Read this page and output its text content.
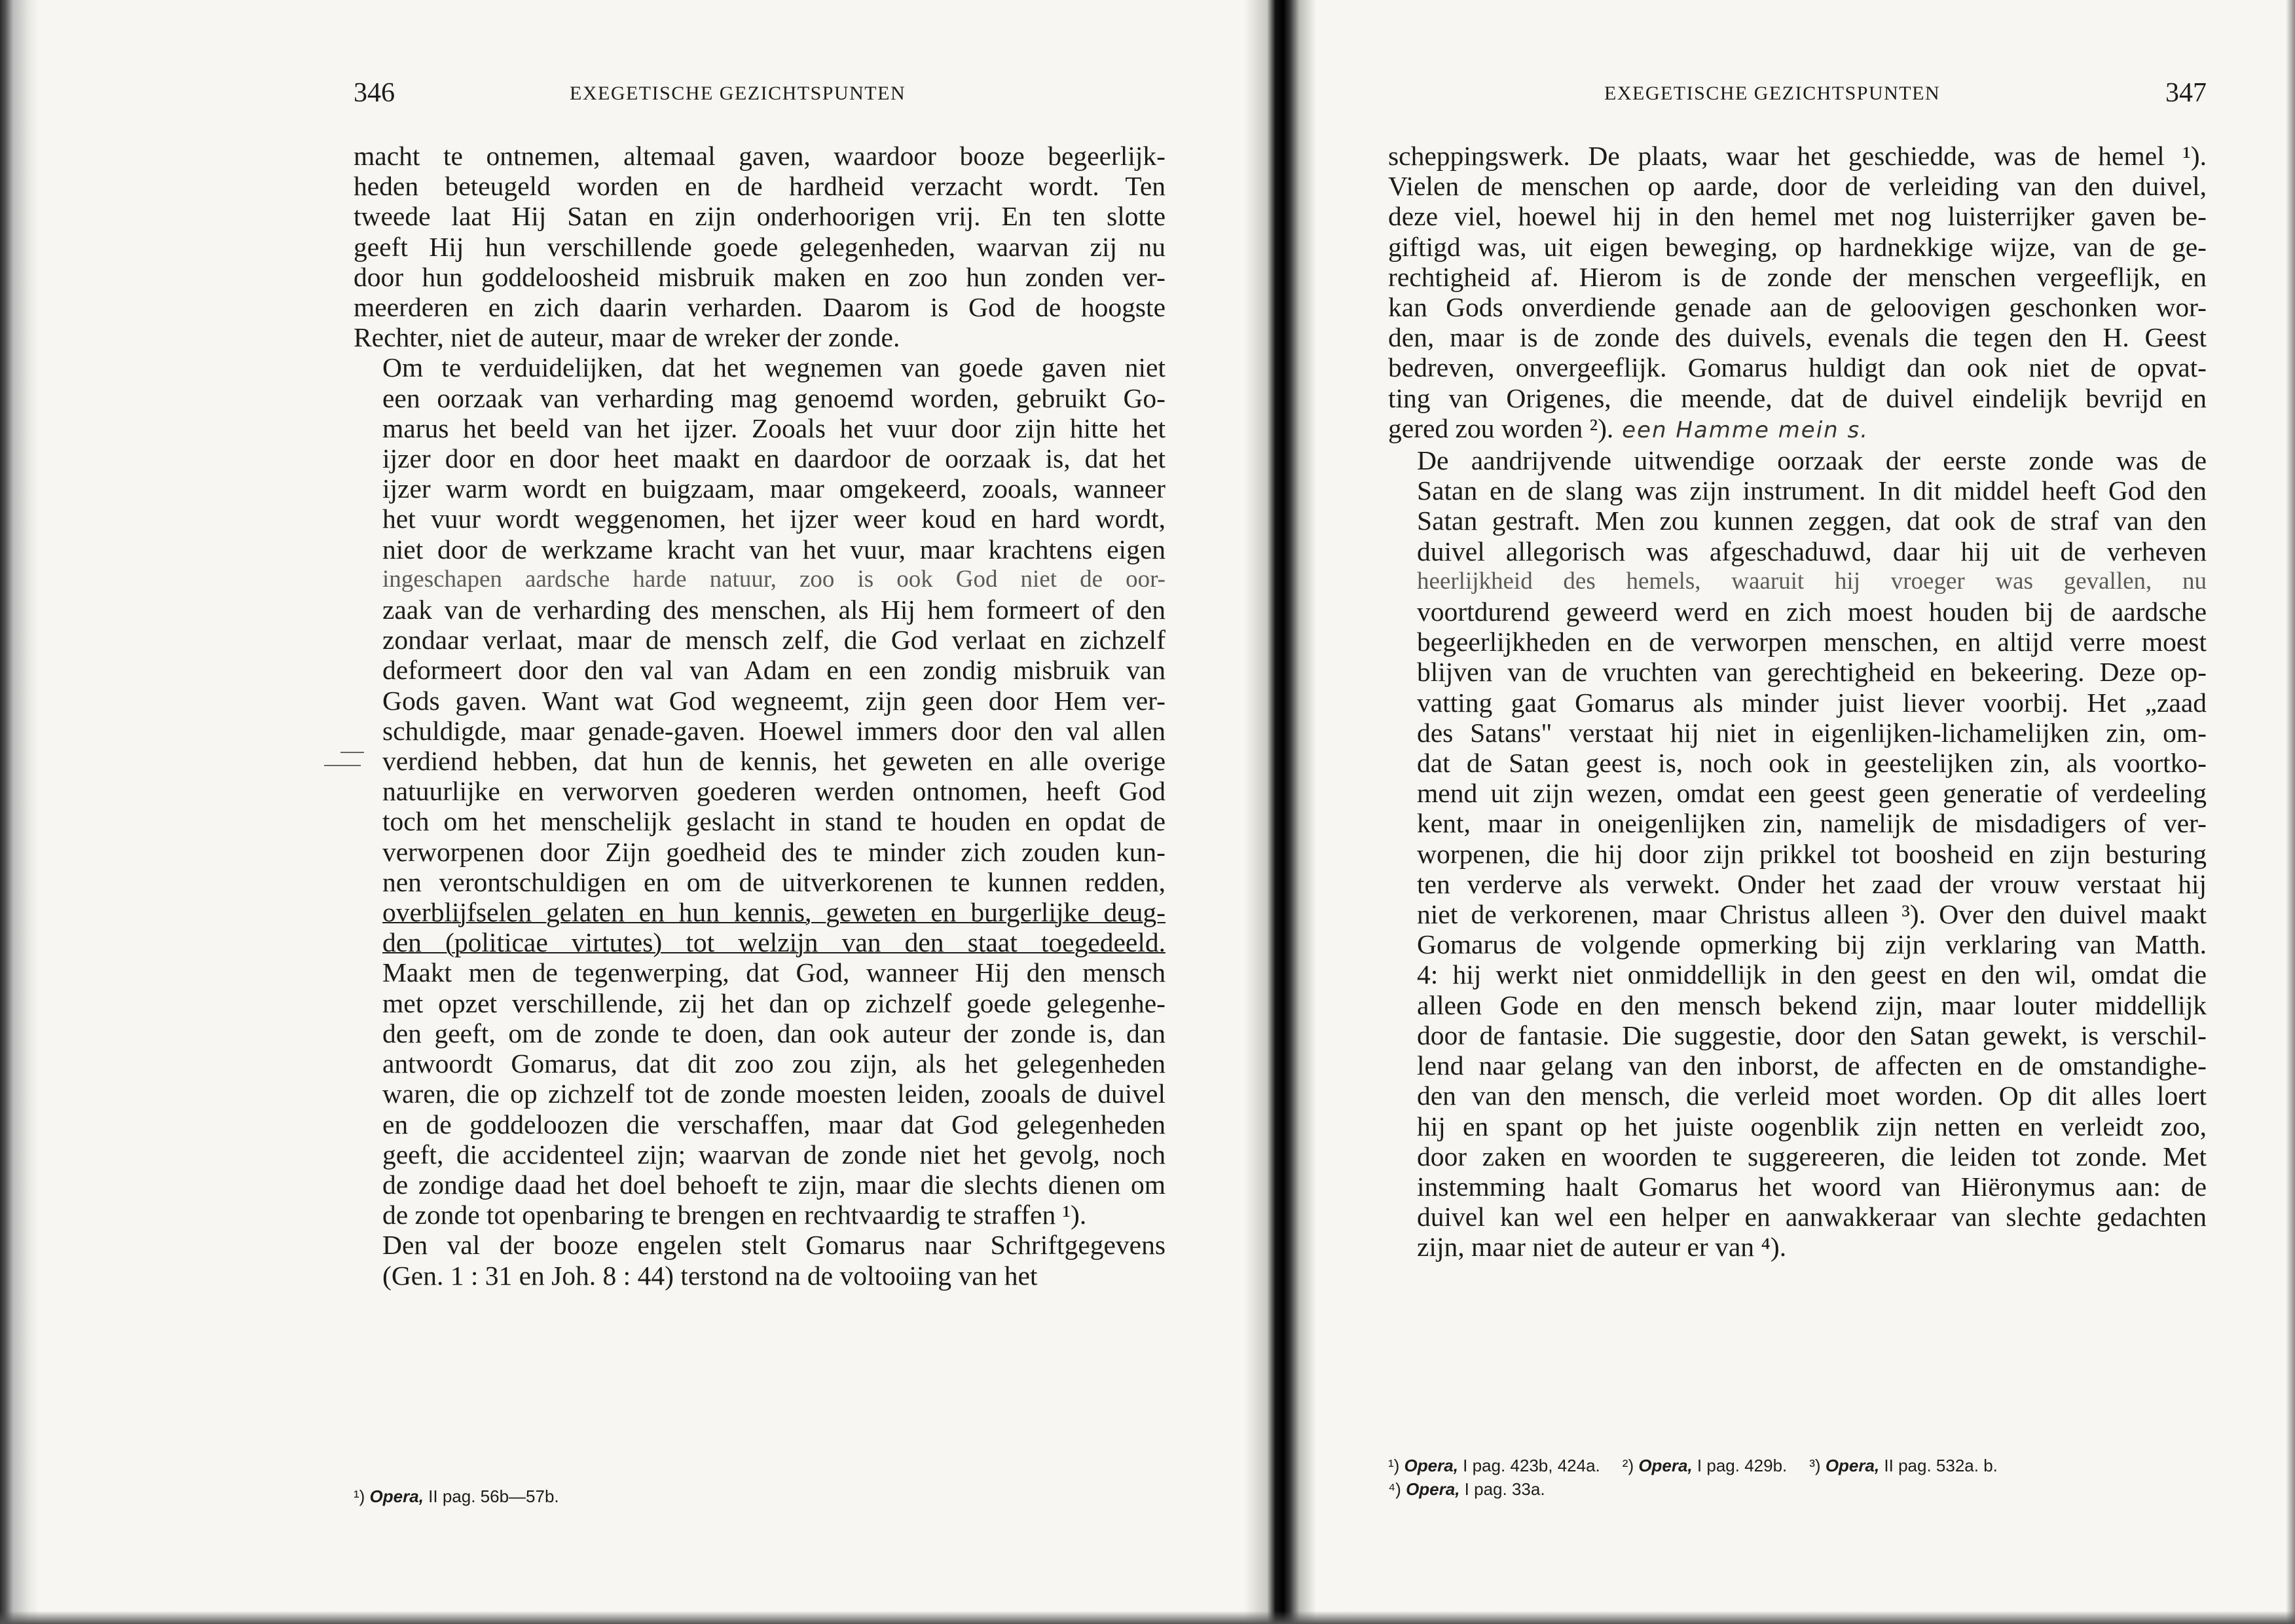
346	EXEGETISCHE GEZICHTSPUNTEN

macht te ontnemen, altemaal gaven, waardoor booze begeerlijk-
heden beteugeld worden en de hardheid verzacht wordt. Ten
tweede laat Hij Satan en zijn onderhoorigen vrij. En ten slotte
geeft Hij hun verschillende goede gelegenheden, waarvan zij nu
door hun goddeloosheid misbruik maken en zoo hun zonden ver-
meerderen en zich daarin verharden. Daarom is God de hoogste
Rechter, niet de auteur, maar de wreker der zonde.

Om te verduidelijken, dat het wegnemen van goede gaven niet
een oorzaak van verharding mag genoemd worden, gebruikt Go-
marus het beeld van het ijzer. Zooals het vuur door zijn hitte het
ijzer door en door heet maakt en daardoor de oorzaak is, dat het
ijzer warm wordt en buigzaam, maar omgekeerd, zooals, wanneer
het vuur wordt weggenomen, het ijzer weer koud en hard wordt,
niet door de werkzame kracht van het vuur, maar krachtens eigen
ingeschapen aardsche harde natuur, zoo is ook God niet de oor-
zaak van de verharding des menschen, als Hij hem formeert of den
zondaar verlaat, maar de mensch zelf, die God verlaat en zichzelf
deformeert door den val van Adam en een zondig misbruik van
Gods gaven. Want wat God wegneemt, zijn geen door Hem ver-
schuldigde, maar genade-gaven. Hoewel immers door den val allen
verdiend hebben, dat hun de kennis, het geweten en alle overige
natuurlijke en verworven goederen werden ontnomen, heeft God
toch om het menschelijk geslacht in stand te houden en opdat de
verworpenen door Zijn goedheid des te minder zich zouden kun-
nen verontschuldigen en om de uitverkorenen te kunnen redden,
overblijfselen gelaten en hun kennis, geweten en burgerlijke deug-
den (politicae virtutes) tot welzijn van den staat toegedeeld.
Maakt men de tegenwerping, dat God, wanneer Hij den mensch
met opzet verschillende, zij het dan op zichzelf goede gelegenhe-
den geeft, om de zonde te doen, dan ook auteur der zonde is, dan
antwoordt Gomarus, dat dit zoo zou zijn, als het gelegenheden
waren, die op zichzelf tot de zonde moesten leiden, zooals de duivel
en de goddeloozen die verschaffen, maar dat God gelegenheden
geeft, die accidenteel zijn; waarvan de zonde niet het gevolg, noch
de zondige daad het doel behoeft te zijn, maar die slechts dienen om
de zonde tot openbaring te brengen en rechtvaardig te straffen ¹).

Den val der booze engelen stelt Gomarus naar Schriftgegevens
(Gen. 1 : 31 en Joh. 8 : 44) terstond na de voltooiing van het

¹) Opera, II pag. 56b—57b.
EXEGETISCHE GEZICHTSPUNTEN	347

scheppingswerk. De plaats, waar het geschiedde, was de hemel ¹).
Vielen de menschen op aarde, door de verleiding van den duivel,
deze viel, hoewel hij in den hemel met nog luisterrijker gaven be-
giftigd was, uit eigen beweging, op hardnekkige wijze, van de ge-
rechtigheid af. Hierom is de zonde der menschen vergeeflijk, en
kan Gods onverdiende genade aan de geloovigen geschonken wor-
den, maar is de zonde des duivels, evenals die tegen den H. Geest
bedreven, onvergeeflijk. Gomarus huldigt dan ook niet de opvat-
ting van Origenes, die meende, dat de duivel eindelijk bevrijd en
gered zou worden ²). een Hamme mein s.

De aandrijvende uitwendige oorzaak der eerste zonde was de
Satan en de slang was zijn instrument. In dit middel heeft God den
Satan gestraft. Men zou kunnen zeggen, dat ook de straf van den
duivel allegorisch was afgeschaduwd, daar hij uit de verheven
heerlijkheid des hemels, waaruit hij vroeger was gevallen, nu
voortdurend geweerd werd en zich moest houden bij de aardsche
begeerlijkheden en de verworpen menschen, en altijd verre moest
blijven van de vruchten van gerechtigheid en bekeering. Deze op-
vatting gaat Gomarus als minder juist liever voorbij. Het „zaad
des Satans" verstaat hij niet in eigenlijken-lichamelijken zin, om-
dat de Satan geest is, noch ook in geestelijken zin, als voortko-
mend uit zijn wezen, omdat een geest geen generatie of verdeeling
kent, maar in oneigenlijken zin, namelijk de misdadigers of ver-
worpenen, die hij door zijn prikkel tot boosheid en zijn besturing
ten verderve als verwekt. Onder het zaad der vrouw verstaat hij
niet de verkorenen, maar Christus alleen ³). Over den duivel maakt
Gomarus de volgende opmerking bij zijn verklaring van Matth.
4: hij werkt niet onmiddellijk in den geest en den wil, omdat die
alleen Gode en den mensch bekend zijn, maar louter middellijk
door de fantasie. Die suggestie, door den Satan gewekt, is verschil-
lend naar gelang van den inborst, de affecten en de omstandighe-
den van den mensch, die verleid moet worden. Op dit alles loert
hij en spant op het juiste oogenblik zijn netten en verleidt zoo,
door zaken en woorden te suggereeren, die leiden tot zonde. Met
instemming haalt Gomarus het woord van Hiëronymus aan: de
duivel kan wel een helper en aanwakkeraar van slechte gedachten
zijn, maar niet de auteur er van ⁴).

¹) Opera, I pag. 423b, 424a. ²) Opera, I pag. 429b. ³) Opera, II pag. 532a. b.
⁴) Opera, I pag. 33a.
